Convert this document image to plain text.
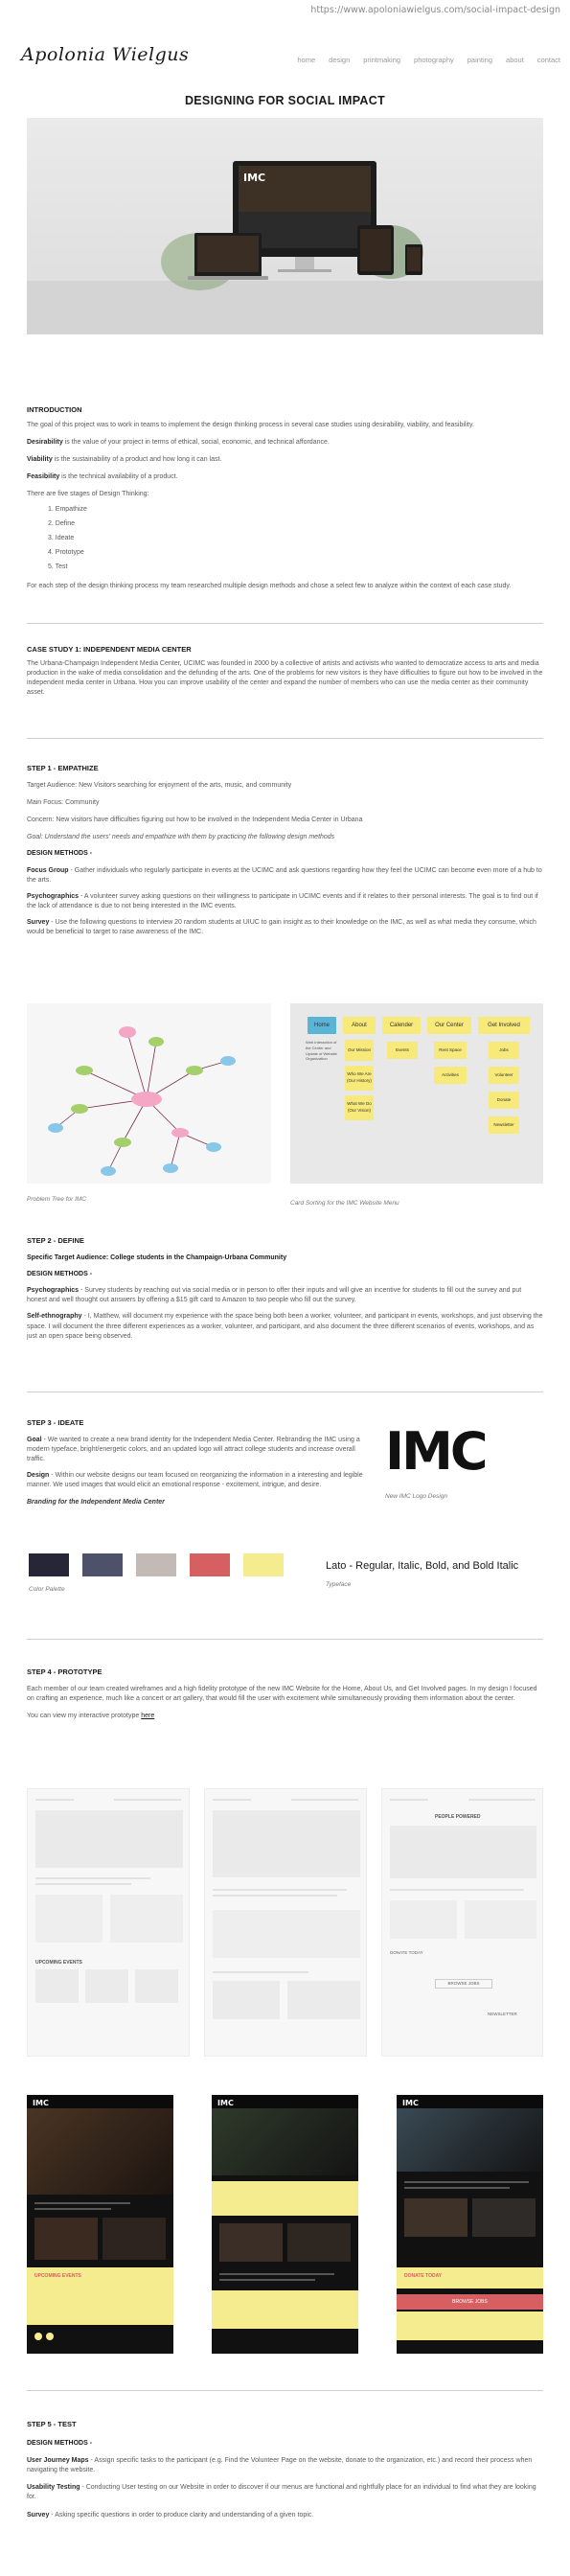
https://www.apoloniawielgus.com/social-impact-design
Apolonia Wielgus	home design printmaking photography painting about contact
DESIGNING FOR SOCIAL IMPACT
IMC
INTRODUCTION

The goal of this project was to work in teams to implement the design thinking process in several case studies using desirability, viability, and feasibility.

Desirability is the value of your project in terms of ethical, social, economic, and technical affordance.

Viability is the sustainability of a product and how long it can last.

Feasibility is the technical availability of a product.

There are five stages of Design Thinking:

1. Empathize
2. Define
3. Ideate
4. Prototype
5. Test

For each step of the design thinking process my team researched multiple design methods and chose a select few to analyze within the context of each case study.

CASE STUDY 1: INDEPENDENT MEDIA CENTER

The Urbana-Champaign Independent Media Center, UCIMC was founded in 2000 by a collective of artists and activists who wanted to democratize access to arts and media production in the wake of media consolidation and the defunding of the arts. One of the problems for new visitors is they have difficulties to figure out how to be involved in the independent media center in Urbana. How you can improve usability of the center and expand the number of members who can use the media center as their community asset.

STEP 1 - EMPATHIZE

Target Audience: New Visitors searching for enjoyment of the arts, music, and community

Main Focus: Community

Concern: New visitors have difficulties figuring out how to be involved in the Independent Media Center in Urbana

Goal: Understand the users' needs and empathize with them by practicing the following design methods

DESIGN METHODS -

Focus Group - Gather individuals who regularly participate in events at the UCIMC and ask questions regarding how they feel the UCIMC can become even more of a hub to the arts.

Psychographics - A volunteer survey asking questions on their willingness to participate in UCIMC events and if it relates to their personal interests. The goal is to find out if the lack of attendance is due to not being interested in the IMC events.

Survey - Use the following questions to interview 20 random students at UIUC to gain insight as to their knowledge on the IMC, as well as what media they consume, which would be beneficial to target to raise awareness of the IMC.

Problem Tree for IMC
Home	About	Calender	Our Center	Get Involved
Web Interaction of the Center and Update of Website Organization
Our Mission
Who We Are (Our History)
What We Do (Our Vision)
Events	Rent Space
Activities
Jobs
Volunteer
Donate
Newsletter
Card Sorting for the IMC Website Menu
STEP 2 - DEFINE
Specific Target Audience: College students in the Champaign-Urbana Community
DESIGN METHODS -

Psychographics - Survey students by reaching out via social media or in person to offer their inputs and will give an incentive for students to fill out the survey and put honest and well thought out answers by offering a $15 gift card to Amazon to two people who fill out the survey.

Self-ethnography - I, Matthew, will document my experience with the space being both been a worker, volunteer, and participant in events, workshops, and just observing the space. I will document the three different experiences as a worker, volunteer, and participant, and also document the three different scenarios of events, workshops, and as just an open space being observed.

STEP 3 - IDEATE

Goal - We wanted to create a new brand identity for the Independent Media Center. Rebranding the IMC using a modern typeface, bright/energetic colors, and an updated logo will attract college students and increase overall traffic.

Design - Within our website designs our team focused on reorganizing the information in a interesting and legible manner. We used images that would elicit an emotional response - excitement, intrigue, and desire.

Branding for the Independent Media Center

IMC
New IMC Logo Design
Color Palette
Lato - Regular, Italic, Bold, and Bold Italic
Typeface
STEP 4 - PROTOTYPE

Each member of our team created wireframes and a high fidelity prototype of the new IMC Website for the Home, About Us, and Get Involved pages. In my design I focused on crafting an experience, much like a concert or art gallery, that would fill the user with excitement while simultaneously providing them information about the center.

You can view my interactive prototype here

UPCOMING EVENTS
PEOPLE POWERED
DONATE TODAY
BROWSE JOBS
NEWSLETTER
IMC
UPCOMING EVENTS
IMC	IMC
DONATE TODAY
BROWSE JOBS
STEP 5 - TEST
DESIGN METHODS -

User Journey Maps - Assign specific tasks to the participant (e.g. Find the Volunteer Page on the website, donate to the organization, etc.) and record their process when navigating the website.

Usability Testing - Conducting User testing on our Website in order to discover if our menus are functional and rightfully place for an individual to find what they are looking for.

Survey - Asking specific questions in order to produce clarity and understanding of a given topic.
